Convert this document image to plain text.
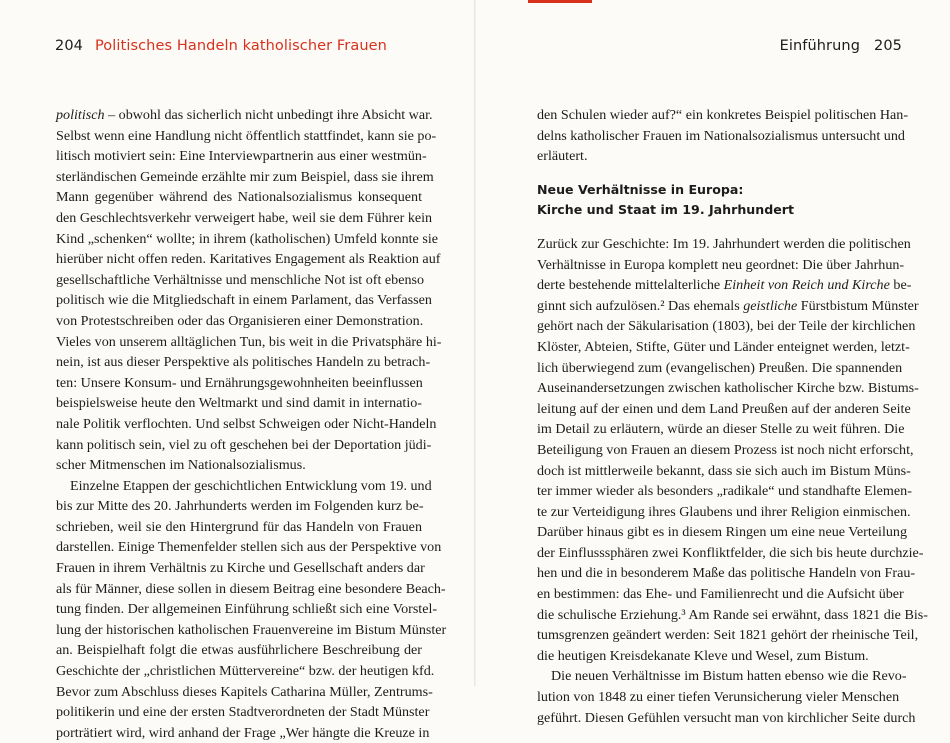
204 Politisches Handeln katholischer Frauen
politisch – obwohl das sicherlich nicht unbedingt ihre Absicht war.
Selbst wenn eine Handlung nicht öffentlich stattfindet, kann sie po-
litisch motiviert sein: Eine Interviewpartnerin aus einer westmün-
sterländischen Gemeinde erzählte mir zum Beispiel, dass sie ihrem
Mann gegenüber während des Nationalsozialismus konsequent
den Geschlechtsverkehr verweigert habe, weil sie dem Führer kein
Kind „schenken“ wollte; in ihrem (katholischen) Umfeld konnte sie
hierüber nicht offen reden. Karitatives Engagement als Reaktion auf
gesellschaftliche Verhältnisse und menschliche Not ist oft ebenso
politisch wie die Mitgliedschaft in einem Parlament, das Verfassen
von Protestschreiben oder das Organisieren einer Demonstration.
Vieles von unserem alltäglichen Tun, bis weit in die Privatsphäre hi-
nein, ist aus dieser Perspektive als politisches Handeln zu betrach-
ten: Unsere Konsum- und Ernährungsgewohnheiten beeinflussen
beispielsweise heute den Weltmarkt und sind damit in internatio-
nale Politik verflochten. Und selbst Schweigen oder Nicht-Handeln
kann politisch sein, viel zu oft geschehen bei der Deportation jüdi-
scher Mitmenschen im Nationalsozialismus.
Einzelne Etappen der geschichtlichen Entwicklung vom 19. und
bis zur Mitte des 20. Jahrhunderts werden im Folgenden kurz be-
schrieben, weil sie den Hintergrund für das Handeln von Frauen
darstellen. Einige Themenfelder stellen sich aus der Perspektive von
Frauen in ihrem Verhältnis zu Kirche und Gesellschaft anders dar
als für Männer, diese sollen in diesem Beitrag eine besondere Beach-
tung finden. Der allgemeinen Einführung schließt sich eine Vorstel-
lung der historischen katholischen Frauenvereine im Bistum Münster
an. Beispielhaft folgt die etwas ausführlichere Beschreibung der
Geschichte der „christlichen Müttervereine“ bzw. der heutigen kfd.
Bevor zum Abschluss dieses Kapitels Catharina Müller, Zentrums-
politikerin und eine der ersten Stadtverordneten der Stadt Münster
porträtiert wird, wird anhand der Frage „Wer hängte die Kreuze in
Einführung 205
den Schulen wieder auf?“ ein konkretes Beispiel politischen Han-
delns katholischer Frauen im Nationalsozialismus untersucht und
erläutert.
Neue Verhältnisse in Europa:
Kirche und Staat im 19. Jahrhundert
Zurück zur Geschichte: Im 19. Jahrhundert werden die politischen
Verhältnisse in Europa komplett neu geordnet: Die über Jahrhun-
derte bestehende mittelalterliche Einheit von Reich und Kirche be-
ginnt sich aufzulösen.² Das ehemals geistliche Fürstbistum Münster
gehört nach der Säkularisation (1803), bei der Teile der kirchlichen
Klöster, Abteien, Stifte, Güter und Länder enteignet werden, letzt-
lich überwiegend zum (evangelischen) Preußen. Die spannenden
Auseinandersetzungen zwischen katholischer Kirche bzw. Bistums-
leitung auf der einen und dem Land Preußen auf der anderen Seite
im Detail zu erläutern, würde an dieser Stelle zu weit führen. Die
Beteiligung von Frauen an diesem Prozess ist noch nicht erforscht,
doch ist mittlerweile bekannt, dass sie sich auch im Bistum Müns-
ter immer wieder als besonders „radikale“ und standhafte Elemen-
te zur Verteidigung ihres Glaubens und ihrer Religion einmischen.
Darüber hinaus gibt es in diesem Ringen um eine neue Verteilung
der Einflusssphären zwei Konfliktfelder, die sich bis heute durchzie-
hen und die in besonderem Maße das politische Handeln von Frau-
en bestimmen: das Ehe- und Familienrecht und die Aufsicht über
die schulische Erziehung.³ Am Rande sei erwähnt, dass 1821 die Bis-
tumsgrenzen geändert werden: Seit 1821 gehört der rheinische Teil,
die heutigen Kreisdekanate Kleve und Wesel, zum Bistum.
Die neuen Verhältnisse im Bistum hatten ebenso wie die Revo-
lution von 1848 zu einer tiefen Verunsicherung vieler Menschen
geführt. Diesen Gefühlen versucht man von kirchlicher Seite durch
